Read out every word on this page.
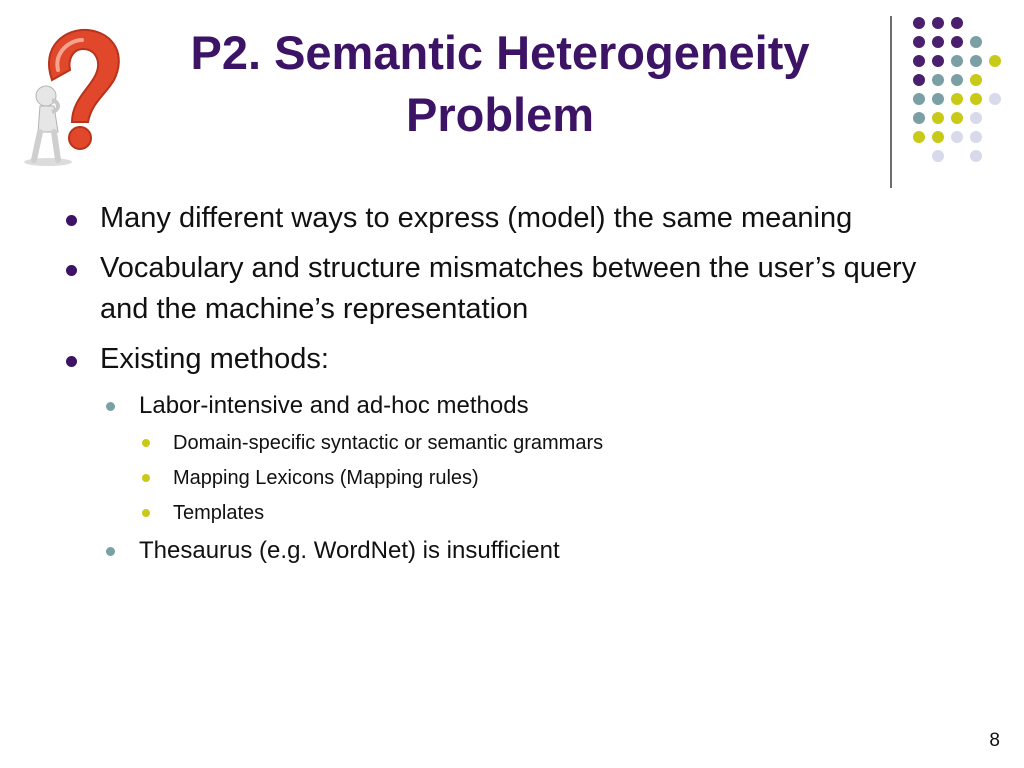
P2. Semantic Heterogeneity
Problem
Many different ways to express (model) the same meaning
Vocabulary and structure mismatches between the user’s query and the machine’s representation
Existing methods:
Labor-intensive and ad-hoc methods
Domain-specific syntactic or semantic grammars
Mapping Lexicons (Mapping rules)
Templates
Thesaurus (e.g. WordNet) is insufficient
8
